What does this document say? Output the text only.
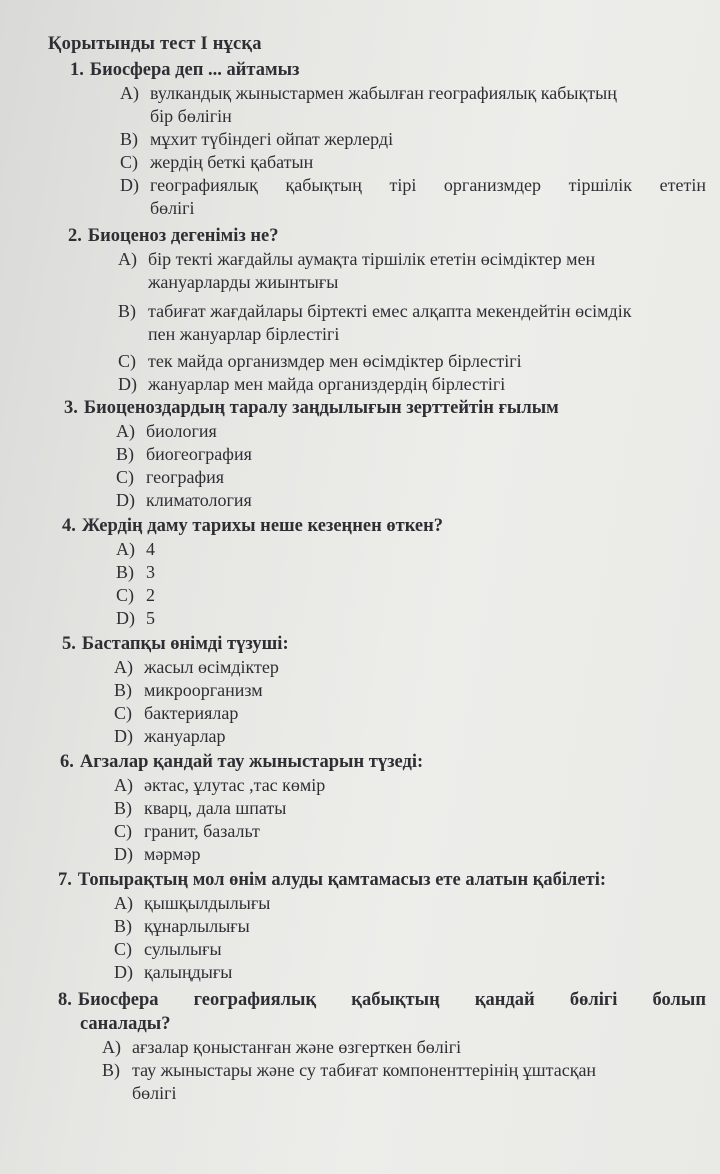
Қорытынды тест I нұсқа
1. Биосфера деп ... айтамыз
A) вулкандық жыныстармен жабылған географиялық кабықтың
бір бөлігін
B) мұхит түбіндегі ойпат жерлерді
C) жердің беткі қабатын
D) географиялық қабықтың тірі организмдер тіршілік ететін
бөлігі
2. Биоценоз дегеніміз не?
A) бір текті жағдайлы аумақта тіршілік ететін өсімдіктер мен
жануарларды жиынтығы
B) табиғат жағдайлары біртекті емес алқапта мекендейтін өсімдік
пен жануарлар бірлестігі
C) тек майда организмдер мен өсімдіктер бірлестігі
D) жануарлар мен майда организдердің бірлестігі
3. Биоценоздардың таралу заңдылығын зерттейтін ғылым
A) биология
B) биогеография
C) география
D) климатология
4. Жердің даму тарихы неше кезеңнен өткен?
A) 4
B) 3
C) 2
D) 5
5. Бастапқы өнімді түзуші:
A) жасыл өсімдіктер
B) микроорганизм
C) бактериялар
D) жануарлар
6. Агзалар қандай тау жыныстарын түзеді:
A) әктас, ұлутас ,тас көмір
B) кварц, дала шпаты
C) гранит, базальт
D) мәрмәр
7. Топырақтың мол өнім алуды қамтамасыз ете алатын қабілеті:
A) қышқылдылығы
B) құнарлылығы
C) сулылығы
D) қалыңдығы
8. Биосфера географиялық қабықтың қандай бөлігі болып
саналады?
A) ағзалар қоныстанған және өзгерткен бөлігі
B) тау жыныстары және су табиғат компоненттерінің ұштасқан
бөлігі
